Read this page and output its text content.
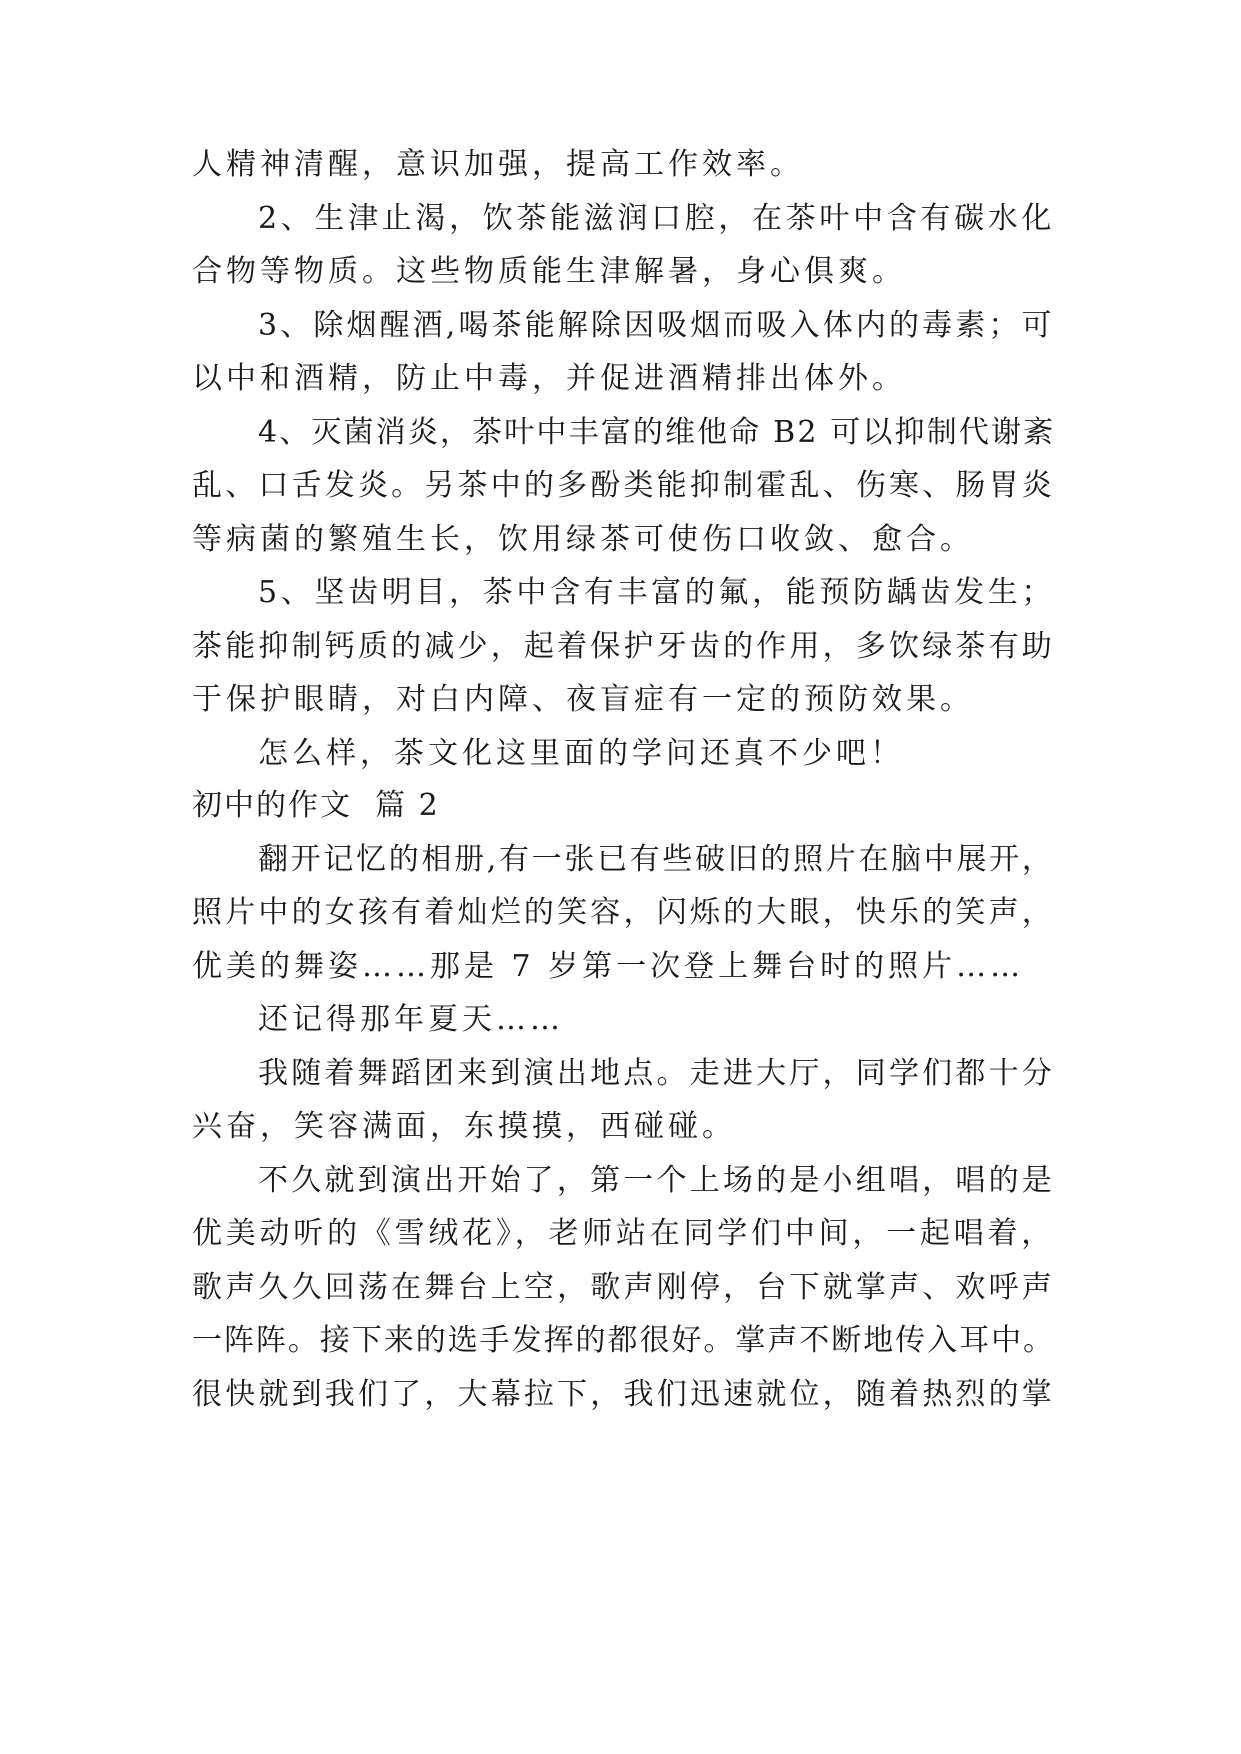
人精神清醒，意识加强，提高工作效率。
2、生津止渴，饮茶能滋润口腔，在茶叶中含有碳水化
合物等物质。这些物质能生津解暑，身心俱爽。
3、除烟醒酒,喝茶能解除因吸烟而吸入体内的毒素；可
以中和酒精，防止中毒，并促进酒精排出体外。
4、灭菌消炎，茶叶中丰富的维他命 B2 可以抑制代谢紊
乱、口舌发炎。另茶中的多酚类能抑制霍乱、伤寒、肠胃炎
等病菌的繁殖生长，饮用绿茶可使伤口收敛、愈合。
5、坚齿明目，茶中含有丰富的氟，能预防龋齿发生；
茶能抑制钙质的减少，起着保护牙齿的作用，多饮绿茶有助
于保护眼睛，对白内障、夜盲症有一定的预防效果。
怎么样，茶文化这里面的学问还真不少吧！
初中的作文  篇 2
翻开记忆的相册,有一张已有些破旧的照片在脑中展开，
照片中的女孩有着灿烂的笑容，闪烁的大眼，快乐的笑声，
优美的舞姿……那是 7 岁第一次登上舞台时的照片……
还记得那年夏天……
我随着舞蹈团来到演出地点。走进大厅，同学们都十分
兴奋，笑容满面，东摸摸，西碰碰。
不久就到演出开始了，第一个上场的是小组唱，唱的是
优美动听的《雪绒花》，老师站在同学们中间，一起唱着，
歌声久久回荡在舞台上空，歌声刚停，台下就掌声、欢呼声
一阵阵。接下来的选手发挥的都很好。掌声不断地传入耳中。
很快就到我们了，大幕拉下，我们迅速就位，随着热烈的掌
